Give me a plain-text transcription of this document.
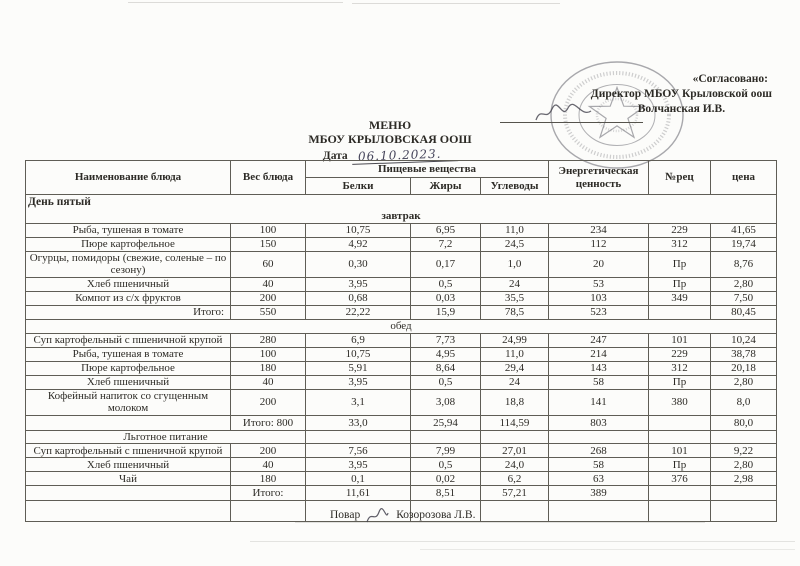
«Согласовано:
Директор МБОУ Крыловской оош
Волчанская И.В.
МЕНЮ
МБОУ КРЫЛОВСКАЯ ООШ
Дата 06.10.2023.
Наименование блюда	Вес блюда	Пищевые вещества			Энергетическая ценность	№рец	цена
		Белки	Жиры	Углеводы			
День пятый							
завтрак							
Рыба, тушеная в томате	100	10,75	6,95	11,0	234	229	41,65
Пюре картофельное	150	4,92	7,2	24,5	112	312	19,74
Огурцы, помидоры (свежие, соленые – по сезону)	60	0,30	0,17	1,0	20	Пр	8,76
Хлеб пшеничный	40	3,95	0,5	24	53	Пр	2,80
Компот из с/х фруктов	200	0,68	0,03	35,5	103	349	7,50
Итого:	550	22,22	15,9	78,5	523		80,45
обед							
Суп картофельный с пшеничной крупой	280	6,9	7,73	24,99	247	101	10,24
Рыба, тушеная в томате	100	10,75	4,95	11,0	214	229	38,78
Пюре картофельное	180	5,91	8,64	29,4	143	312	20,18
Хлеб пшеничный	40	3,95	0,5	24	58	Пр	2,80
Кофейный напиток со сгущенным молоком	200	3,1	3,08	18,8	141	380	8,0
	Итого: 800	33,0	25,94	114,59	803		80,0
Льготное питание							
Суп картофельный с пшеничной крупой	200	7,56	7,99	27,01	268	101	9,22
Хлеб пшеничный	40	3,95	0,5	24,0	58	Пр	2,80
Чай	180	0,1	0,02	6,2	63	376	2,98
	Итого:	11,61	8,51	57,21	389		

Повар	Козорозова Л.В.
